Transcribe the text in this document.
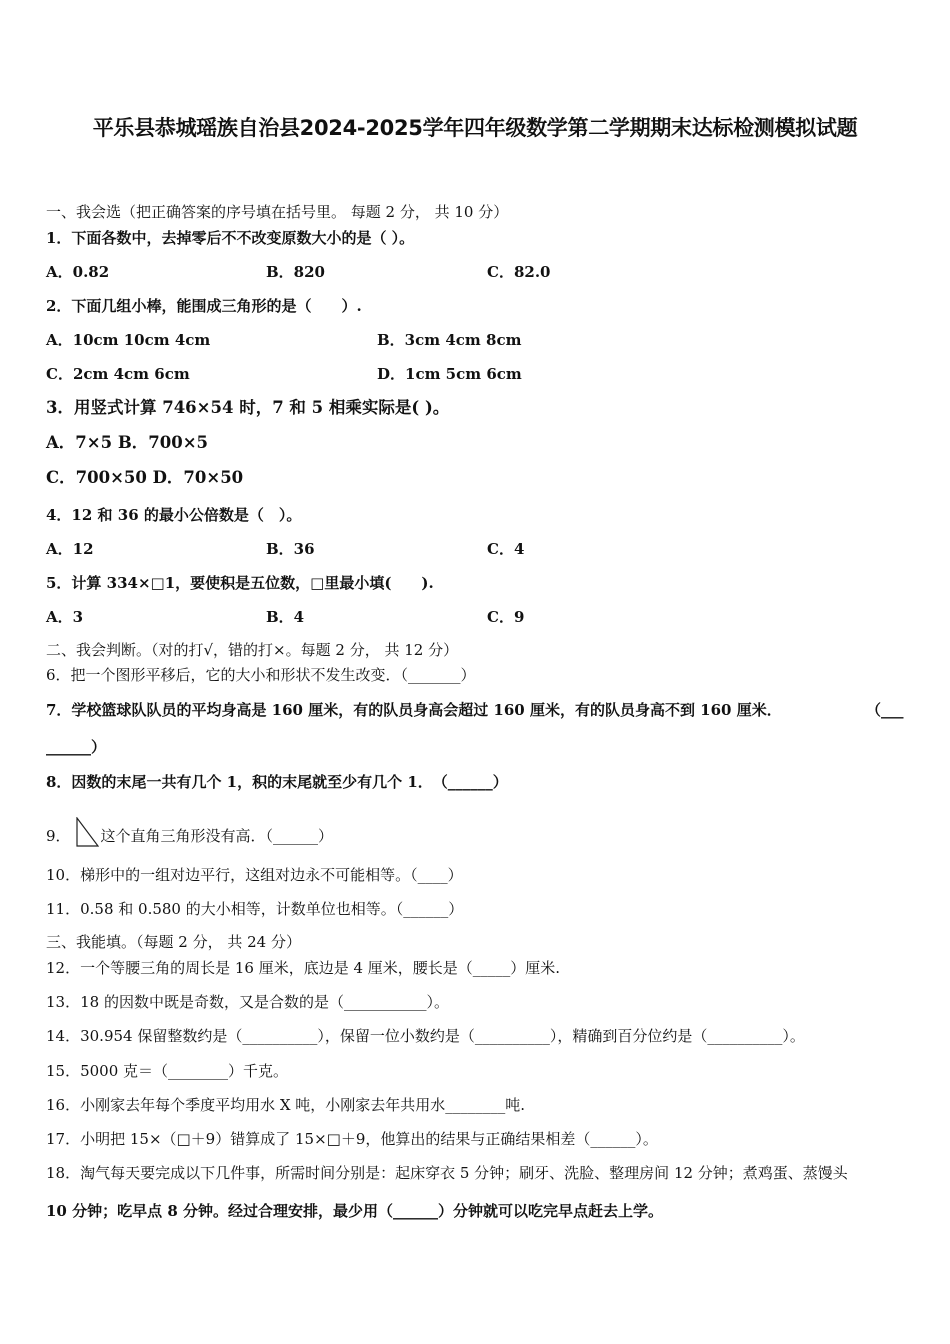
平乐县恭城瑶族自治县2024-2025学年四年级数学第二学期期末达标检测模拟试题
一、我会选（把正确答案的序号填在括号里。 每题 2 分， 共 10 分）
1．下面各数中，去掉零后不不改变原数大小的是（ ）。
A．0.82	B．820	C．82.0
2．下面几组小棒，能围成三角形的是（　　）.
A．10cm 10cm 4cm	B．3cm 4cm 8cm
C．2cm 4cm 6cm	D．1cm 5cm 6cm
3．用竖式计算 746×54 时，7 和 5 相乘实际是( )。
A．7×5 B．700×5
C．700×50 D．70×50
4．12 和 36 的最小公倍数是（　）。
A．12	B．36	C．4
5．计算 334×□1，要使积是五位数，□里最小填(　　).
A．3	B．4	C．9
二、我会判断。（对的打√，错的打×。每题 2 分， 共 12 分）
6．把一个图形平移后，它的大小和形状不发生改变．（_______）
7．学校篮球队队员的平均身高是 160 厘米，有的队员身高会超过 160 厘米，有的队员身高不到 160 厘米．	（___
______）
8．因数的末尾一共有几个 1，积的末尾就至少有几个 1．　（______）
9． 这个直角三角形没有高．（______）
10．梯形中的一组对边平行，这组对边永不可能相等。（____）
11．0.58 和 0.580 的大小相等，计数单位也相等。（______）
三、我能填。（每题 2 分， 共 24 分）
12．一个等腰三角的周长是 16 厘米，底边是 4 厘米，腰长是（_____）厘米.
13．18 的因数中既是奇数，又是合数的是（___________）。
14．30.954 保留整数约是（__________），保留一位小数约是（__________），精确到百分位约是（__________）。
15．5000 克＝（________）千克。
16．小刚家去年每个季度平均用水 X 吨，小刚家去年共用水________吨.
17．小明把 15×（□＋9）错算成了 15×□＋9，他算出的结果与正确结果相差（______）。
18．淘气每天要完成以下几件事，所需时间分别是：起床穿衣 5 分钟；刷牙、洗脸、整理房间 12 分钟；煮鸡蛋、蒸馒头
10 分钟；吃早点 8 分钟。经过合理安排，最少用（______）分钟就可以吃完早点赶去上学。
